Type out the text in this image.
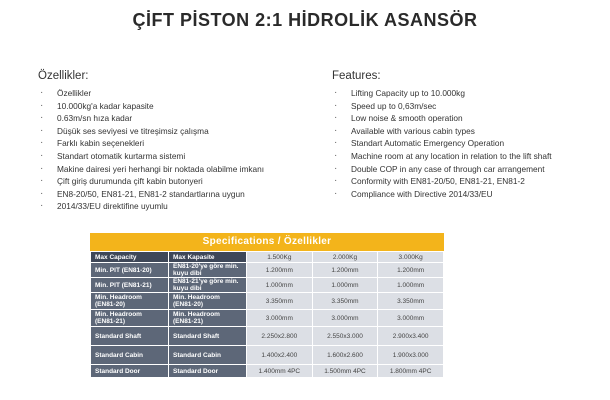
ÇİFT PİSTON 2:1 HİDROLİK ASANSÖR
Özellikler:
· Özellikler
· 10.000kg'a kadar kapasite
· 0.63m/sn hıza kadar
· Düşük ses seviyesi ve titreşimsiz çalışma
· Farklı kabin seçenekleri
· Standart otomatik kurtarma sistemi
· Makine dairesi yeri herhangi bir noktada olabilme imkanı
· Çift giriş durumunda çift kabin butonyeri
· EN8-20/50, EN81-21, EN81-2 standartlarına uygun
· 2014/33/EU direktifine uyumlu
Features:
· Lifting Capacity up to 10.000kg
· Speed up to 0,63m/sec
· Low noise & smooth operation
· Available with various cabin types
· Standart Automatic Emergency Operation
· Machine room at any location in relation to the lift shaft
· Double COP in any case of through car arrangement
· Conformity with EN81-20/50, EN81-21, EN81-2
· Compliance with Directive 2014/33/EU
Specifications / Özellikler
Max Capacity	Max Kapasite	1.500Kg	2.000Kg	3.000Kg
Min. PIT (EN81-20)	EN81-20'ye göre min. kuyu dibi	1.200mm	1.200mm	1.200mm
Min. PIT (EN81-21)	EN81-21'ye göre min. kuyu dibi	1.000mm	1.000mm	1.000mm
Min. Headroom (EN81-20)	Min. Headroom (EN81-20)	3.350mm	3.350mm	3.350mm
Min. Headroom (EN81-21)	Min. Headroom (EN81-21)	3.000mm	3.000mm	3.000mm
Standard Shaft	Standard Shaft	2.250x2.800	2.550x3.000	2.900x3.400
Standard Cabin	Standard Cabin	1.400x2.400	1.600x2.600	1.900x3.000
Standard Door	Standard Door	1.400mm 4PC	1.500mm 4PC	1.800mm 4PC
